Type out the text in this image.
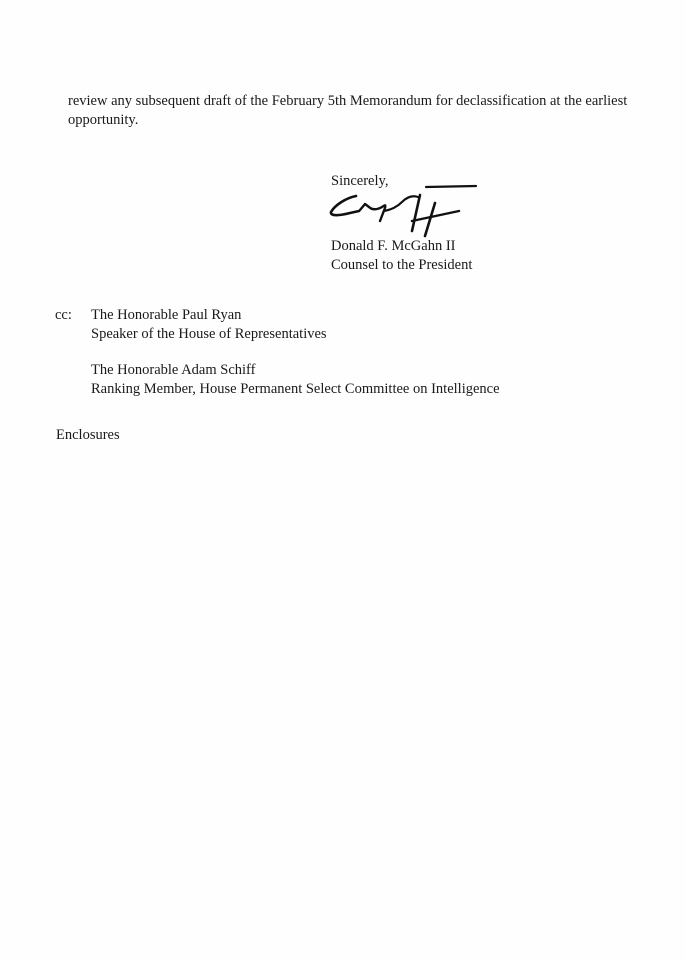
review any subsequent draft of the February 5th Memorandum for declassification at the earliest
opportunity.

Sincerely,

Donald F. McGahn II
Counsel to the President

cc:	The Honorable Paul Ryan
Speaker of the House of Representatives
The Honorable Adam Schiff
Ranking Member, House Permanent Select Committee on Intelligence

Enclosures
